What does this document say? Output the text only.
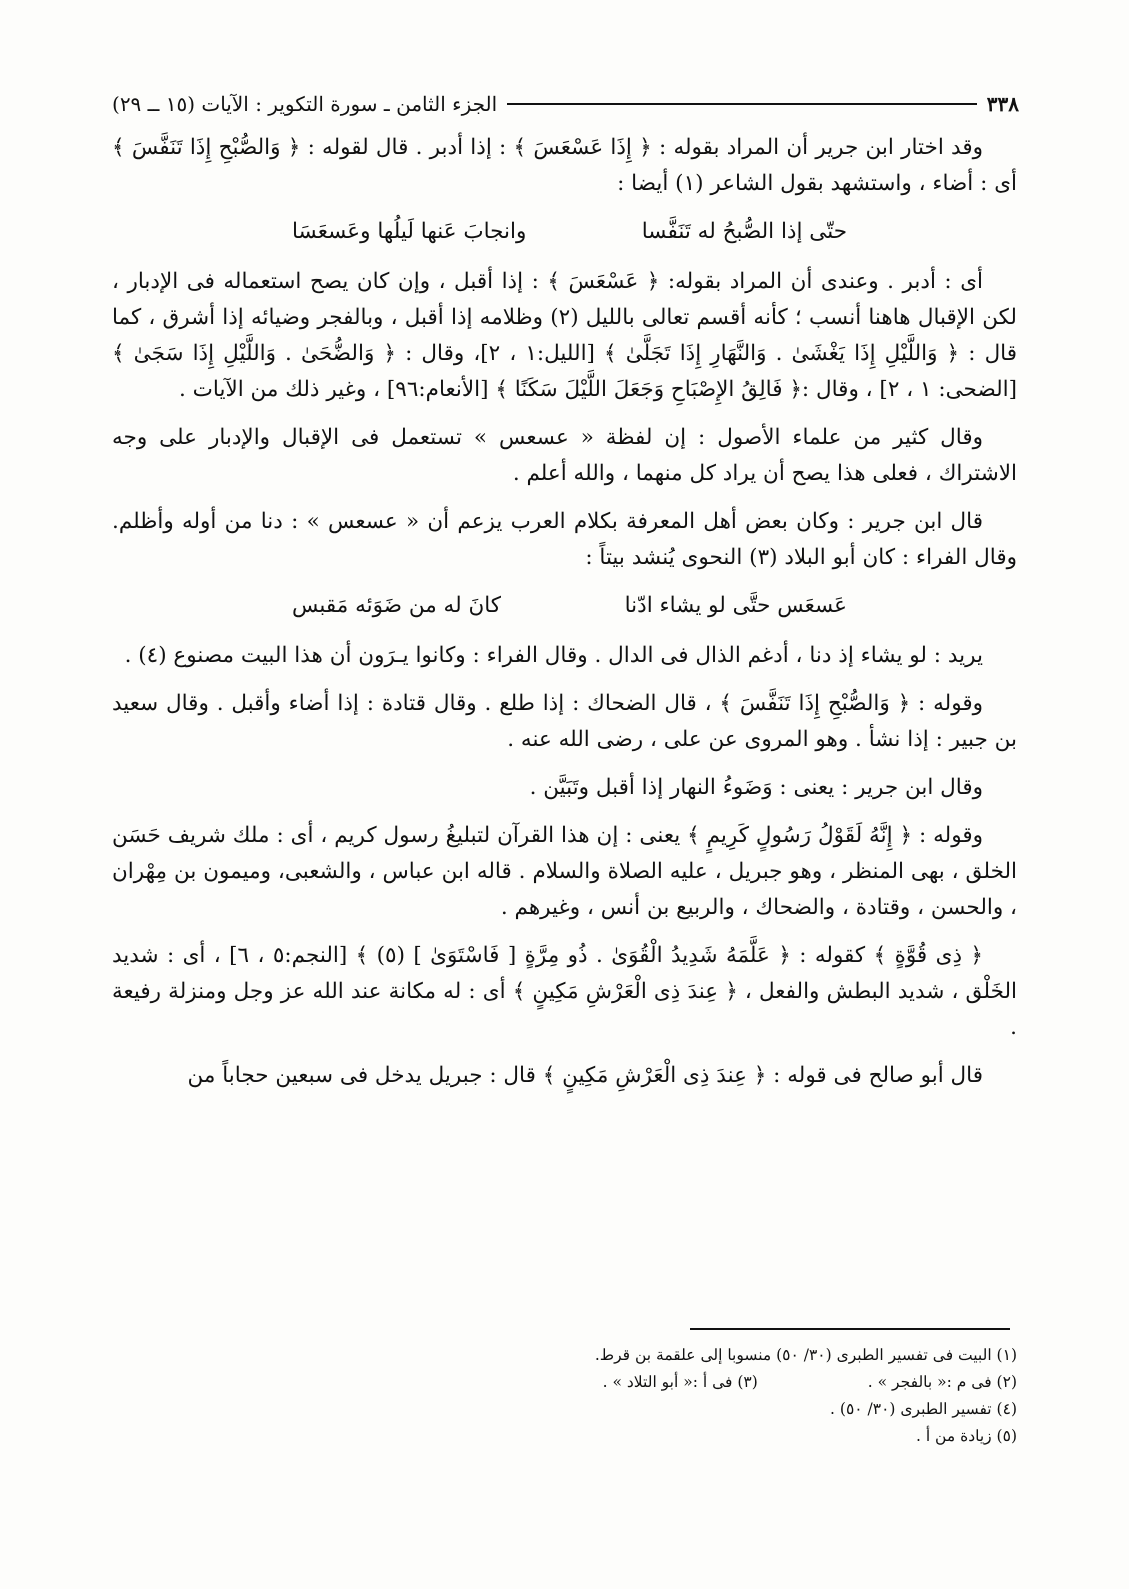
٣٣٨
الجزء الثامن ـ سورة التكوير : الآيات (١٥ ــ ٢٩)

وقد اختار ابن جرير أن المراد بقوله : ﴿ إِذَا عَسْعَسَ ﴾ : إذا أدبر . قال لقوله : ﴿ وَالصُّبْحِ إِذَا تَنَفَّسَ ﴾ أى : أضاء ، واستشهد بقول الشاعر (١) أيضا :

حتّى إذا الصُّبحُ له تَنَفَّسا
وانجابَ عَنها لَيلُها وعَسعَسَا

أى : أدبر . وعندى أن المراد بقوله: ﴿ عَسْعَسَ ﴾ : إذا أقبل ، وإن كان يصح استعماله فى الإدبار ، لكن الإقبال هاهنا أنسب ؛ كأنه أقسم تعالى بالليل (٢) وظلامه إذا أقبل ، وبالفجر وضيائه إذا أشرق ، كما قال : ﴿ وَاللَّيْلِ إِذَا يَغْشَىٰ . وَالنَّهَارِ إِذَا تَجَلَّىٰ ﴾ [الليل:١ ، ٢]، وقال : ﴿ وَالضُّحَىٰ . وَاللَّيْلِ إِذَا سَجَىٰ ﴾ [الضحى: ١ ، ٢] ، وقال :﴿ فَالِقُ الإِصْبَاحِ وَجَعَلَ اللَّيْلَ سَكَنًا ﴾ [الأنعام:٩٦] ، وغير ذلك من الآيات .

وقال كثير من علماء الأصول : إن لفظة « عسعس » تستعمل فى الإقبال والإدبار على وجه الاشتراك ، فعلى هذا يصح أن يراد كل منهما ، والله أعلم .

قال ابن جرير : وكان بعض أهل المعرفة بكلام العرب يزعم أن « عسعس » : دنا من أوله وأظلم. وقال الفراء : كان أبو البلاد (٣) النحوى يُنشد بيتاً :

عَسعَس حتَّى لو يشاء ادّنا
كانَ له من ضَوَئه مَقبس

يريد : لو يشاء إذ دنا ، أدغم الذال فى الدال . وقال الفراء : وكانوا يـرَون أن هذا البيت مصنوع (٤) .

وقوله : ﴿ وَالصُّبْحِ إِذَا تَنَفَّسَ ﴾ ، قال الضحاك : إذا طلع . وقال قتادة : إذا أضاء وأقبل . وقال سعيد بن جبير : إذا نشأ . وهو المروى عن على ، رضى الله عنه .

وقال ابن جرير : يعنى : وَضَوءُ النهار إذا أقبل وتَبَيَّن .

وقوله : ﴿ إِنَّهُ لَقَوْلُ رَسُولٍ كَرِيمٍ ﴾ يعنى : إن هذا القرآن لتبليغُ رسول كريم ، أى : ملك شريف حَسَن الخلق ، بهى المنظر ، وهو جبريل ، عليه الصلاة والسلام . قاله ابن عباس ، والشعبى، وميمون بن مِهْران ، والحسن ، وقتادة ، والضحاك ، والربيع بن أنس ، وغيرهم .

﴿ ذِى قُوَّةٍ ﴾ كقوله : ﴿ عَلَّمَهُ شَدِيدُ الْقُوَىٰ . ذُو مِرَّةٍ [ فَاسْتَوَىٰ ] (٥) ﴾ [النجم:٥ ، ٦] ، أى : شديد الخَلْق ، شديد البطش والفعل ، ﴿ عِندَ ذِى الْعَرْشِ مَكِينٍ ﴾ أى : له مكانة عند الله عز وجل ومنزلة رفيعة .

قال أبو صالح فى قوله : ﴿ عِندَ ذِى الْعَرْشِ مَكِينٍ ﴾ قال : جبريل يدخل فى سبعين حجاباً من

(١) البيت فى تفسير الطبرى (٣٠/ ٥٠) منسوبا إلى علقمة بن قرط.
(٢) فى م :« بالفجر » .
(٣) فى أ :« أبو التلاد » .
(٤) تفسير الطبرى (٣٠/ ٥٠) .
(٥) زيادة من أ .
